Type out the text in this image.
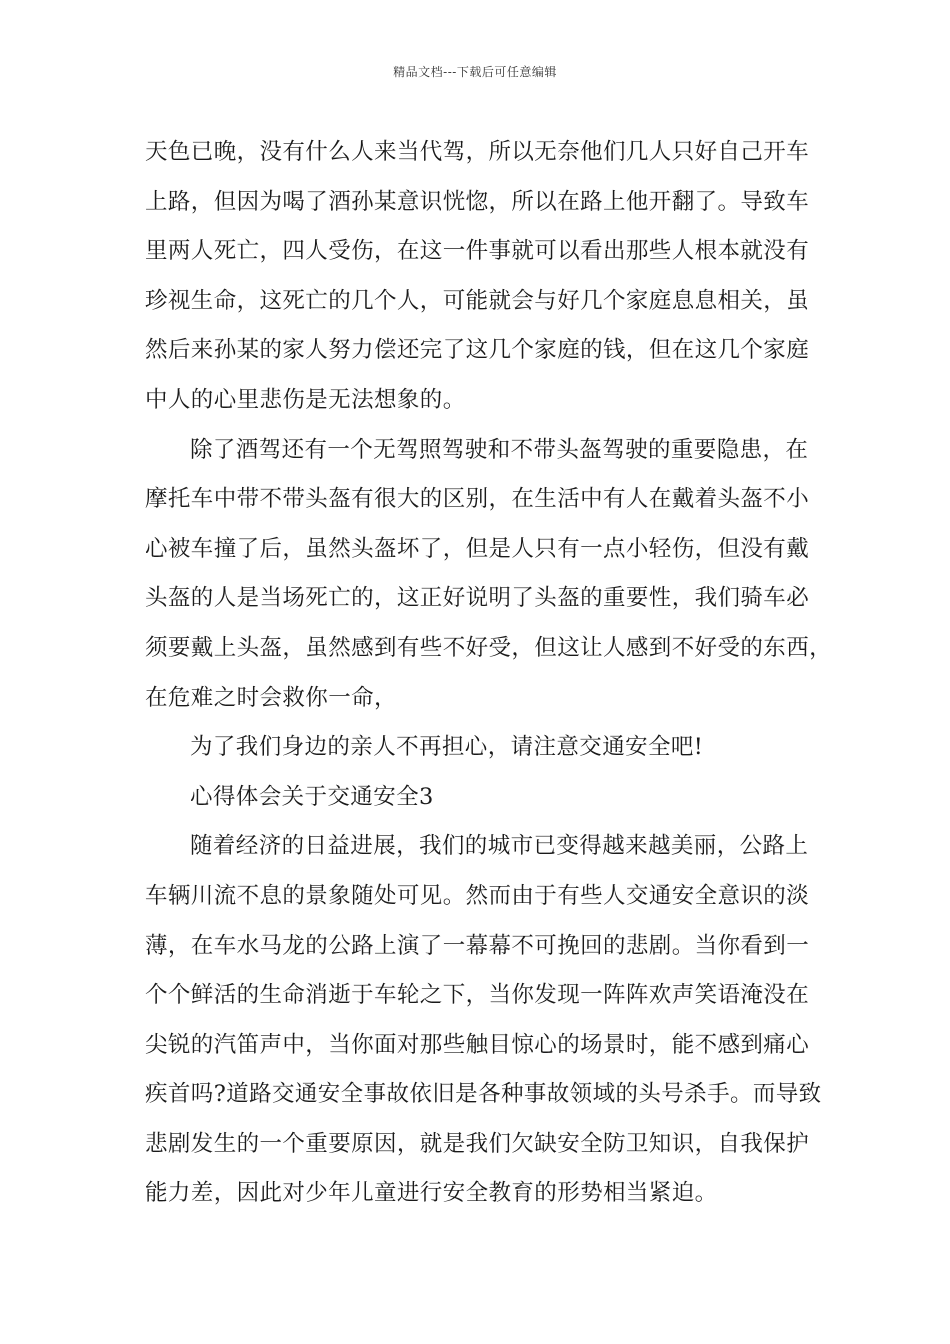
精品文档---下载后可任意编辑
天色已晚，没有什么人来当代驾，所以无奈他们几人只好自己开车
上路，但因为喝了酒孙某意识恍惚，所以在路上他开翻了。导致车
里两人死亡，四人受伤，在这一件事就可以看出那些人根本就没有
珍视生命，这死亡的几个人，可能就会与好几个家庭息息相关，虽
然后来孙某的家人努力偿还完了这几个家庭的钱，但在这几个家庭
中人的心里悲伤是无法想象的。
除了酒驾还有一个无驾照驾驶和不带头盔驾驶的重要隐患，在
摩托车中带不带头盔有很大的区别，在生活中有人在戴着头盔不小
心被车撞了后，虽然头盔坏了，但是人只有一点小轻伤，但没有戴
头盔的人是当场死亡的，这正好说明了头盔的重要性，我们骑车必
须要戴上头盔，虽然感到有些不好受，但这让人感到不好受的东西，
在危难之时会救你一命，
为了我们身边的亲人不再担心，请注意交通安全吧!
心得体会关于交通安全3
随着经济的日益进展，我们的城市已变得越来越美丽，公路上
车辆川流不息的景象随处可见。然而由于有些人交通安全意识的淡
薄，在车水马龙的公路上演了一幕幕不可挽回的悲剧。当你看到一
个个鲜活的生命消逝于车轮之下，当你发现一阵阵欢声笑语淹没在
尖锐的汽笛声中，当你面对那些触目惊心的场景时，能不感到痛心
疾首吗?道路交通安全事故依旧是各种事故领域的头号杀手。而导致
悲剧发生的一个重要原因，就是我们欠缺安全防卫知识，自我保护
能力差，因此对少年儿童进行安全教育的形势相当紧迫。
